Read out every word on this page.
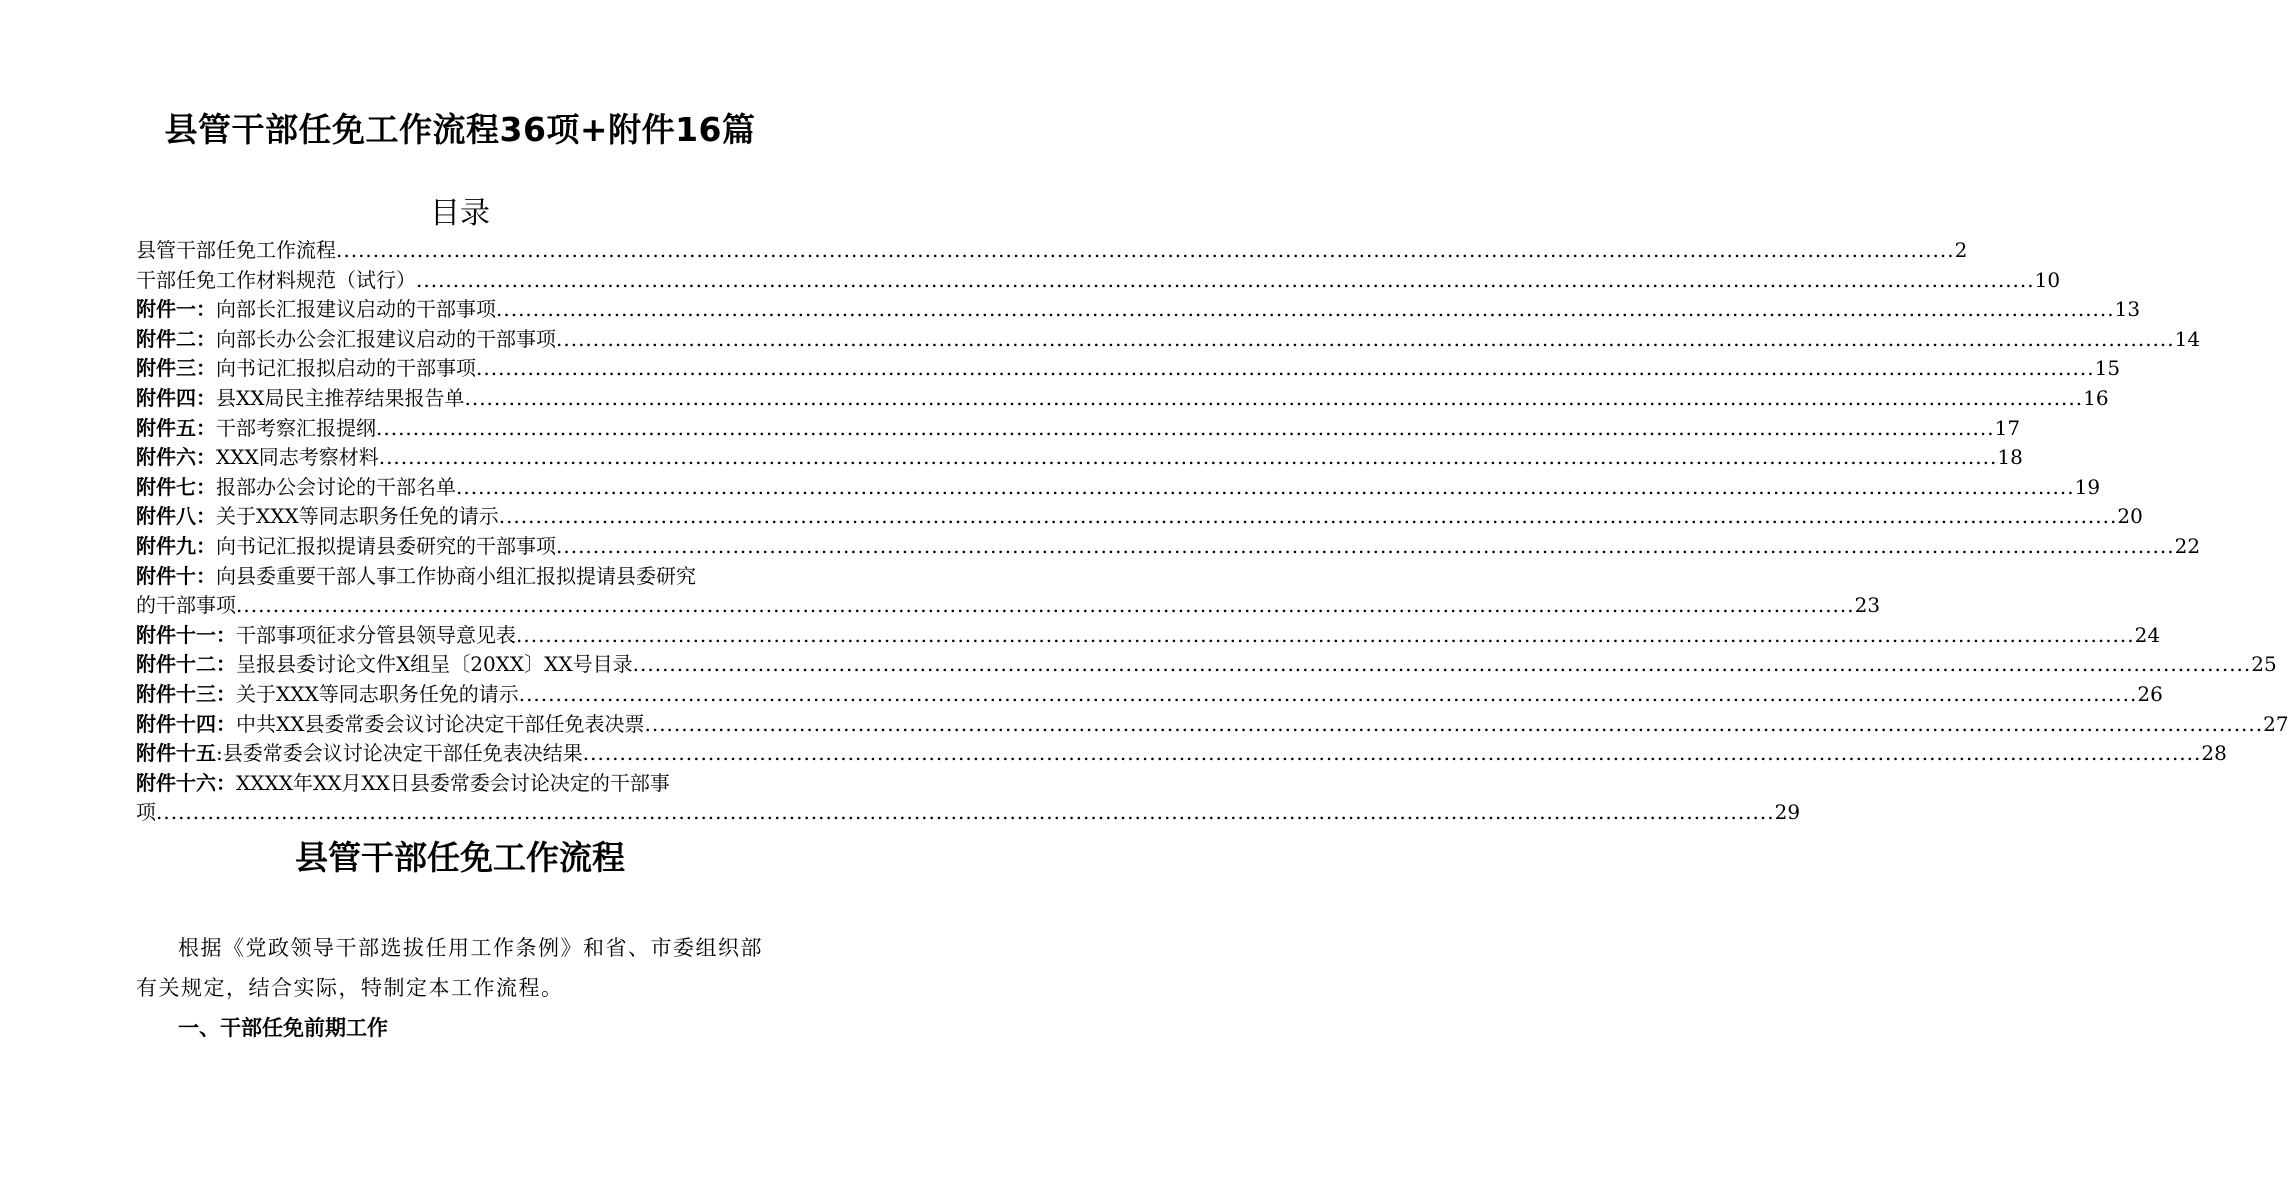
县管干部任免工作流程36项+附件16篇
目录
县管干部任免工作流程 ............................................................................................................................................................................................................................ 2
干部任免工作材料规范（试行） ............................................................................................................................................................................................................................ 10
附件一：向部长汇报建议启动的干部事项 ............................................................................................................................................................................................................................ 13
附件二：向部长办公会汇报建议启动的干部事项 ............................................................................................................................................................................................................................ 14
附件三：向书记汇报拟启动的干部事项 ............................................................................................................................................................................................................................ 15
附件四：县XX局民主推荐结果报告单 ............................................................................................................................................................................................................................ 16
附件五：干部考察汇报提纲 ............................................................................................................................................................................................................................ 17
附件六：XXX同志考察材料 ............................................................................................................................................................................................................................ 18
附件七：报部办公会讨论的干部名单 ............................................................................................................................................................................................................................ 19
附件八：关于XXX等同志职务任免的请示 ............................................................................................................................................................................................................................ 20
附件九：向书记汇报拟提请县委研究的干部事项 ............................................................................................................................................................................................................................ 22
附件十：向县委重要干部人事工作协商小组汇报拟提请县委研究
的干部事项 ............................................................................................................................................................................................................................ 23
附件十一：干部事项征求分管县领导意见表 ............................................................................................................................................................................................................................ 24
附件十二：呈报县委讨论文件X组呈〔20XX〕XX号目录 ............................................................................................................................................................................................................................ 25
附件十三：关于XXX等同志职务任免的请示 ............................................................................................................................................................................................................................ 26
附件十四：中共XX县委常委会议讨论决定干部任免表决票 ............................................................................................................................................................................................................................ 27
附件十五:县委常委会议讨论决定干部任免表决结果 ............................................................................................................................................................................................................................ 28
附件十六：XXXX年XX月XX日县委常委会讨论决定的干部事
项 ............................................................................................................................................................................................................................ 29
县管干部任免工作流程
根据《党政领导干部选拔任用工作条例》和省、市委组织部有关规定，结合实际，特制定本工作流程。
一、干部任免前期工作
